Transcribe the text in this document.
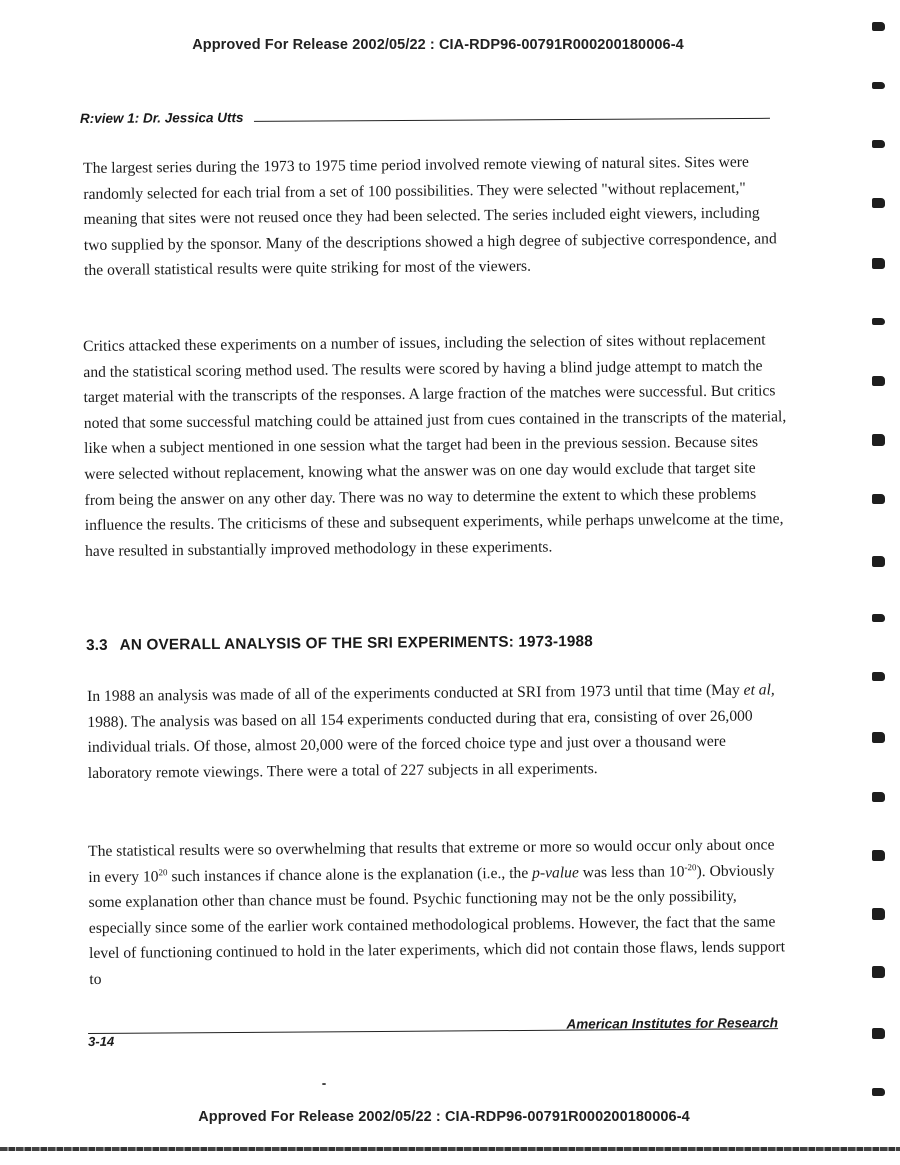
Approved For Release 2002/05/22 : CIA-RDP96-00791R000200180006-4
R:view 1: Dr. Jessica Utts

The largest series during the 1973 to 1975 time period involved remote viewing of natural sites. Sites were randomly selected for each trial from a set of 100 possibilities. They were selected "without replacement," meaning that sites were not reused once they had been selected. The series included eight viewers, including two supplied by the sponsor. Many of the descriptions showed a high degree of subjective correspondence, and the overall statistical results were quite striking for most of the viewers.

Critics attacked these experiments on a number of issues, including the selection of sites without replacement and the statistical scoring method used. The results were scored by having a blind judge attempt to match the target material with the transcripts of the responses. A large fraction of the matches were successful. But critics noted that some successful matching could be attained just from cues contained in the transcripts of the material, like when a subject mentioned in one session what the target had been in the previous session. Because sites were selected without replacement, knowing what the answer was on one day would exclude that target site from being the answer on any other day. There was no way to determine the extent to which these problems influence the results. The criticisms of these and subsequent experiments, while perhaps unwelcome at the time, have resulted in substantially improved methodology in these experiments.

3.3 AN OVERALL ANALYSIS OF THE SRI EXPERIMENTS: 1973-1988

In 1988 an analysis was made of all of the experiments conducted at SRI from 1973 until that time (May et al, 1988). The analysis was based on all 154 experiments conducted during that era, consisting of over 26,000 individual trials. Of those, almost 20,000 were of the forced choice type and just over a thousand were laboratory remote viewings. There were a total of 227 subjects in all experiments.

The statistical results were so overwhelming that results that extreme or more so would occur only about once in every $10^{20}$ such instances if chance alone is the explanation (i.e., the p-value was less than $10^{-20}$). Obviously some explanation other than chance must be found. Psychic functioning may not be the only possibility, especially since some of the earlier work contained methodological problems. However, the fact that the same level of functioning continued to hold in the later experiments, which did not contain those flaws, lends support to

3-14
American Institutes for Research
Approved For Release 2002/05/22 : CIA-RDP96-00791R000200180006-4
